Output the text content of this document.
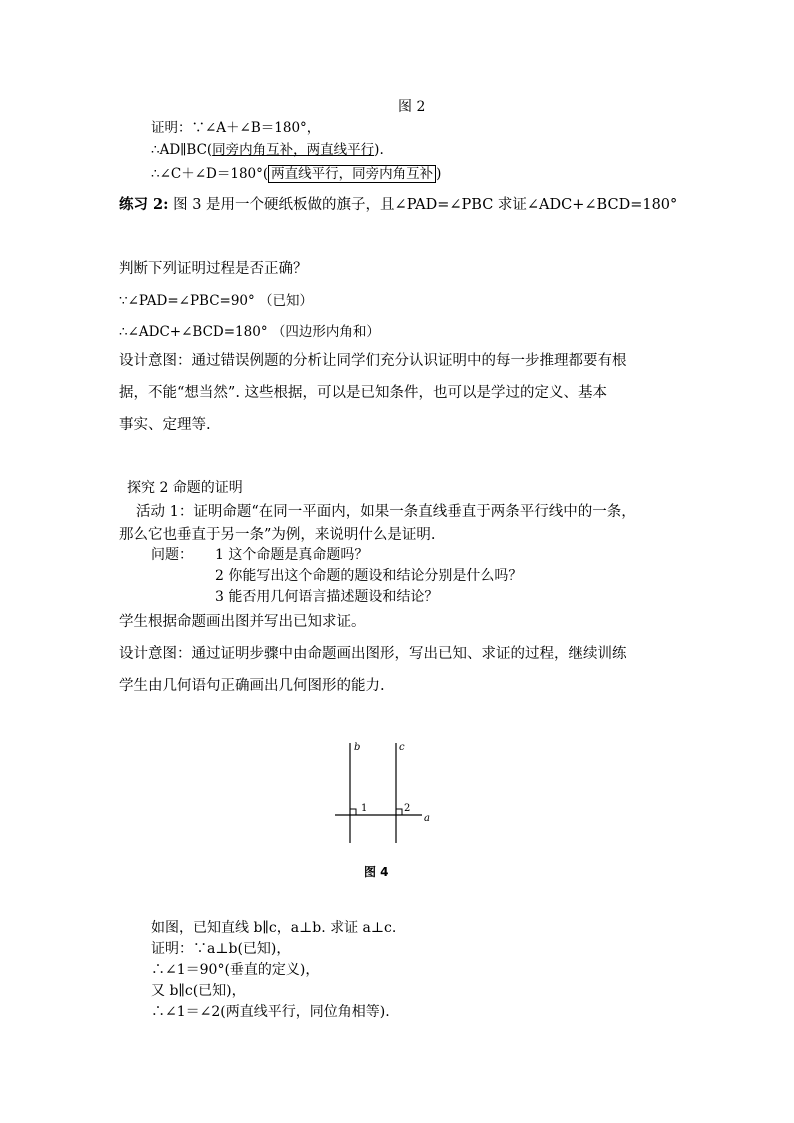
图 2
证明：∵∠A＋∠B＝180°，
∴AD∥BC(同旁内角互补，两直线平行).
∴∠C＋∠D＝180°( 两直线平行，同旁内角互补 )
练习 2: 图 3 是用一个硬纸板做的旗子，且∠PAD=∠PBC 求证∠ADC+∠BCD=180°
判断下列证明过程是否正确？
∵∠PAD=∠PBC=90° （已知）
∴∠ADC+∠BCD=180° （四边形内角和）
设计意图：通过错误例题的分析让同学们充分认识证明中的每一步推理都要有根
据，不能“想当然”. 这些根据，可以是已知条件，也可以是学过的定义、基本
事实、定理等.
探究 2 命题的证明
活动 1：证明命题“在同一平面内，如果一条直线垂直于两条平行线中的一条，
那么它也垂直于另一条”为例，来说明什么是证明.
问题： 1 这个命题是真命题吗？
2 你能写出这个命题的题设和结论分别是什么吗？
3 能否用几何语言描述题设和结论？
学生根据命题画出图并写出已知求证。
设计意图：通过证明步骤中由命题画出图形，写出已知、求证的过程，继续训练
学生由几何语句正确画出几何图形的能力.
b	c
a
1	2
图 4
如图，已知直线 b∥c，a⊥b. 求证 a⊥c.
证明：∵a⊥b(已知)，
∴∠1＝90°(垂直的定义)，
又 b∥c(已知)，
∴∠1＝∠2(两直线平行，同位角相等).
